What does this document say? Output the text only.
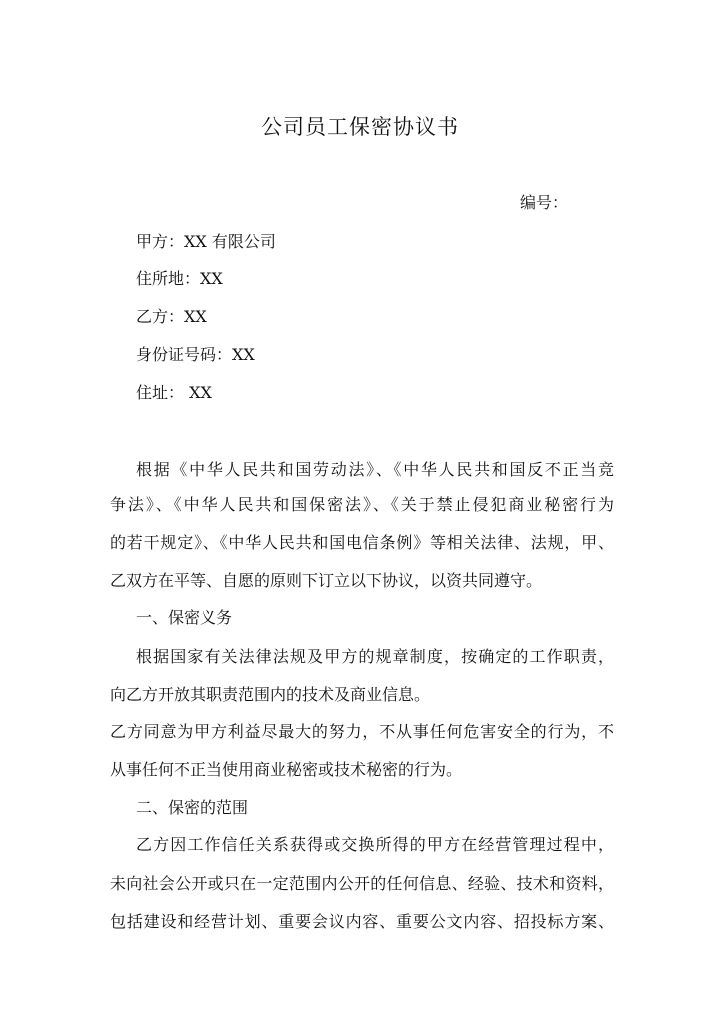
公司员工保密协议书
编号：
甲方：XX 有限公司
住所地：XX
乙方：XX
身份证号码：XX
住址： XX
根据《中华人民共和国劳动法》、《中华人民共和国反不正当竞
争法》、《中华人民共和国保密法》、《关于禁止侵犯商业秘密行为
的若干规定》、《中华人民共和国电信条例》等相关法律、法规，甲、
乙双方在平等、自愿的原则下订立以下协议，以资共同遵守。
一、保密义务
根据国家有关法律法规及甲方的规章制度，按确定的工作职责，
向乙方开放其职责范围内的技术及商业信息。
乙方同意为甲方利益尽最大的努力，不从事任何危害安全的行为，不
从事任何不正当使用商业秘密或技术秘密的行为。
二、保密的范围
乙方因工作信任关系获得或交换所得的甲方在经营管理过程中，
未向社会公开或只在一定范围内公开的任何信息、经验、技术和资料，
包括建设和经营计划、重要会议内容、重要公文内容、招投标方案、
